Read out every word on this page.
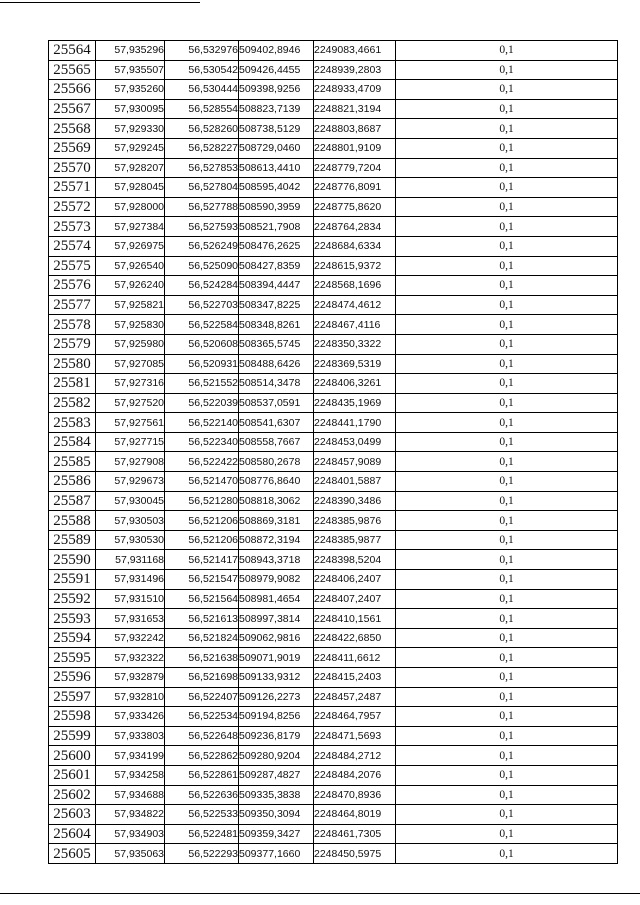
25564	57,935296	56,532976	509402,8946	2249083,4661	0,1
25565	57,935507	56,530542	509426,4455	2248939,2803	0,1
25566	57,935260	56,530444	509398,9256	2248933,4709	0,1
25567	57,930095	56,528554	508823,7139	2248821,3194	0,1
25568	57,929330	56,528260	508738,5129	2248803,8687	0,1
25569	57,929245	56,528227	508729,0460	2248801,9109	0,1
25570	57,928207	56,527853	508613,4410	2248779,7204	0,1
25571	57,928045	56,527804	508595,4042	2248776,8091	0,1
25572	57,928000	56,527788	508590,3959	2248775,8620	0,1
25573	57,927384	56,527593	508521,7908	2248764,2834	0,1
25574	57,926975	56,526249	508476,2625	2248684,6334	0,1
25575	57,926540	56,525090	508427,8359	2248615,9372	0,1
25576	57,926240	56,524284	508394,4447	2248568,1696	0,1
25577	57,925821	56,522703	508347,8225	2248474,4612	0,1
25578	57,925830	56,522584	508348,8261	2248467,4116	0,1
25579	57,925980	56,520608	508365,5745	2248350,3322	0,1
25580	57,927085	56,520931	508488,6426	2248369,5319	0,1
25581	57,927316	56,521552	508514,3478	2248406,3261	0,1
25582	57,927520	56,522039	508537,0591	2248435,1969	0,1
25583	57,927561	56,522140	508541,6307	2248441,1790	0,1
25584	57,927715	56,522340	508558,7667	2248453,0499	0,1
25585	57,927908	56,522422	508580,2678	2248457,9089	0,1
25586	57,929673	56,521470	508776,8640	2248401,5887	0,1
25587	57,930045	56,521280	508818,3062	2248390,3486	0,1
25588	57,930503	56,521206	508869,3181	2248385,9876	0,1
25589	57,930530	56,521206	508872,3194	2248385,9877	0,1
25590	57,931168	56,521417	508943,3718	2248398,5204	0,1
25591	57,931496	56,521547	508979,9082	2248406,2407	0,1
25592	57,931510	56,521564	508981,4654	2248407,2407	0,1
25593	57,931653	56,521613	508997,3814	2248410,1561	0,1
25594	57,932242	56,521824	509062,9816	2248422,6850	0,1
25595	57,932322	56,521638	509071,9019	2248411,6612	0,1
25596	57,932879	56,521698	509133,9312	2248415,2403	0,1
25597	57,932810	56,522407	509126,2273	2248457,2487	0,1
25598	57,933426	56,522534	509194,8256	2248464,7957	0,1
25599	57,933803	56,522648	509236,8179	2248471,5693	0,1
25600	57,934199	56,522862	509280,9204	2248484,2712	0,1
25601	57,934258	56,522861	509287,4827	2248484,2076	0,1
25602	57,934688	56,522636	509335,3838	2248470,8936	0,1
25603	57,934822	56,522533	509350,3094	2248464,8019	0,1
25604	57,934903	56,522481	509359,3427	2248461,7305	0,1
25605	57,935063	56,522293	509377,1660	2248450,5975	0,1
